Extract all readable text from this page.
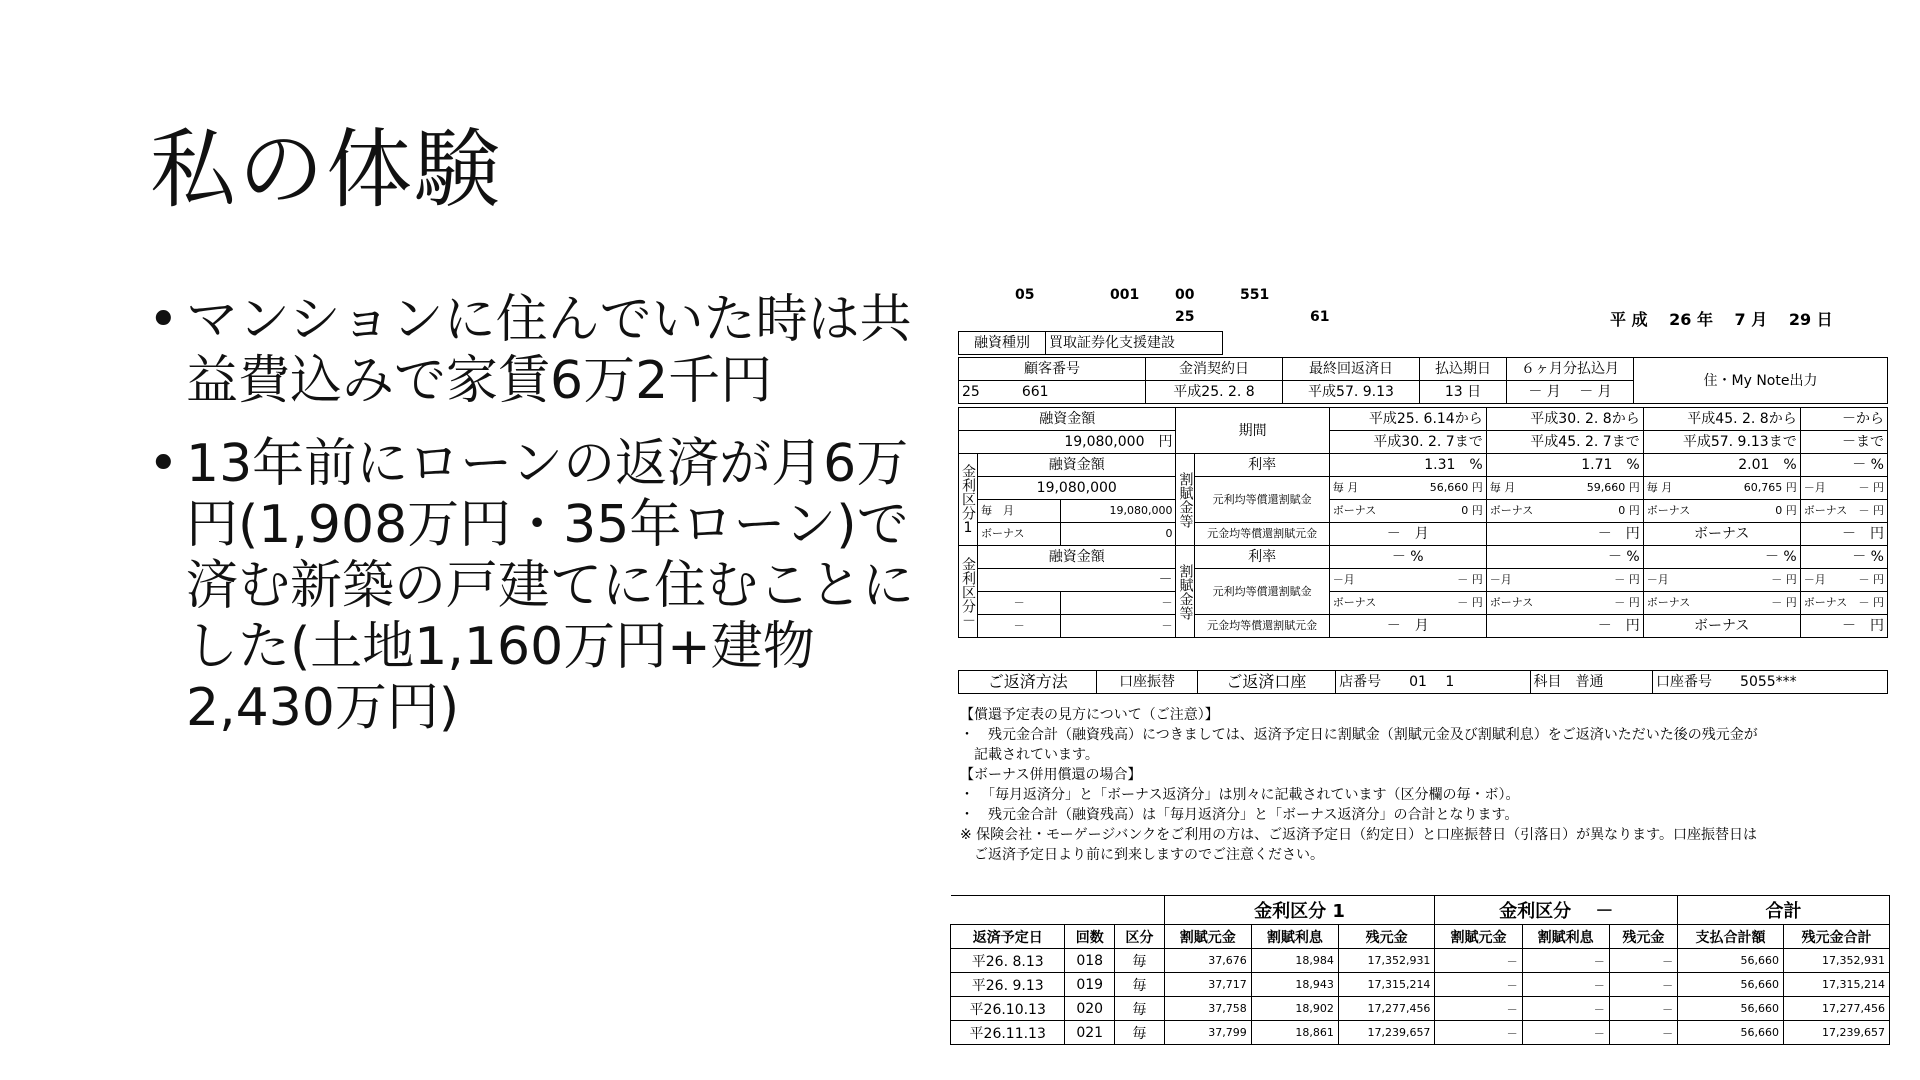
私の体験
• マンションに住んでいた時は共益費込みで家賃6万2千円
• 13年前にローンの返済が月6万円(1,908万円・35年ローン)で済む新築の戸建てに住むことにした(土地1,160万円+建物2,430万円)
05	001	00	551
25	61	平 成　 26 年　 7 月　 29 日
融資種別	買取証券化支援建設
顧客番号	金消契約日	最終回返済日	払込期日	６ヶ月分払込月	住・My Note出力
25　　　661	平成25. 2. 8	平成57. 9.13	13 日	－ 月　 － 月	
融資金額			期間		平成25. 6.14から	平成30. 2. 8から	平成45. 2. 8から	－から
19,080,000　円					平成30. 2. 7まで	平成45. 2. 7まで	平成57. 9.13まで	－まで
金利区分1	融資金額		割賦金等	利率	1.31　%	1.71　%	2.01　%	－ %
	19,080,000			元利均等償還割賦金	毎 月 56,660 円	毎 月 59,660 円	毎 月 60,765 円	－月 － 円

	毎　月	19,080,000			ボーナス 0 円	ボーナス 0 円	ボーナス 0 円	ボーナス － 円

	ボーナス	0		元金均等償還割賦元金	－　月	－　円	ボーナス	－　円
金利区分－	融資金額		割賦金等	利率	－ %	－ %	－ %	－ %
	－			元利均等償還割賦金	－月 － 円	－月 － 円	－月 － 円	－月 － 円

	－	－			ボーナス － 円	ボーナス － 円	ボーナス － 円	ボーナス － 円

	－	－		元金均等償還割賦元金	－　月	－　円	ボーナス	－　円
ご返済方法	口座振替	ご返済口座	店番号　　 01　 1	科目　 普通	口座番号　　 5055***
【償還予定表の見方について（ご注意）】
・　残元金合計（融資残高）につきましては、返済予定日に割賦金（割賦元金及び割賦利息）をご返済いただいた後の残元金が
　記載されています。
【ボーナス併用償還の場合】
・　「毎月返済分」と「ボーナス返済分」は別々に記載されています（区分欄の毎・ボ）。
・　残元金合計（融資残高）は「毎月返済分」と「ボーナス返済分」の合計となります。
※ 保険会社・モーゲージバンクをご利用の方は、ご返済予定日（約定日）と口座振替日（引落日）が異なります。口座振替日は
　ご返済予定日より前に到来しますのでご注意ください。
			金利区分 1			金利区分　 －			合計	
返済予定日	回数	区分	割賦元金	割賦利息	残元金	割賦元金	割賦利息	残元金	支払合計額	残元金合計
平26. 8.13	018	毎	37,676	18,984	17,352,931	－	－	－	56,660	17,352,931
平26. 9.13	019	毎	37,717	18,943	17,315,214	－	－	－	56,660	17,315,214
平26.10.13	020	毎	37,758	18,902	17,277,456	－	－	－	56,660	17,277,456
平26.11.13	021	毎	37,799	18,861	17,239,657	－	－	－	56,660	17,239,657
